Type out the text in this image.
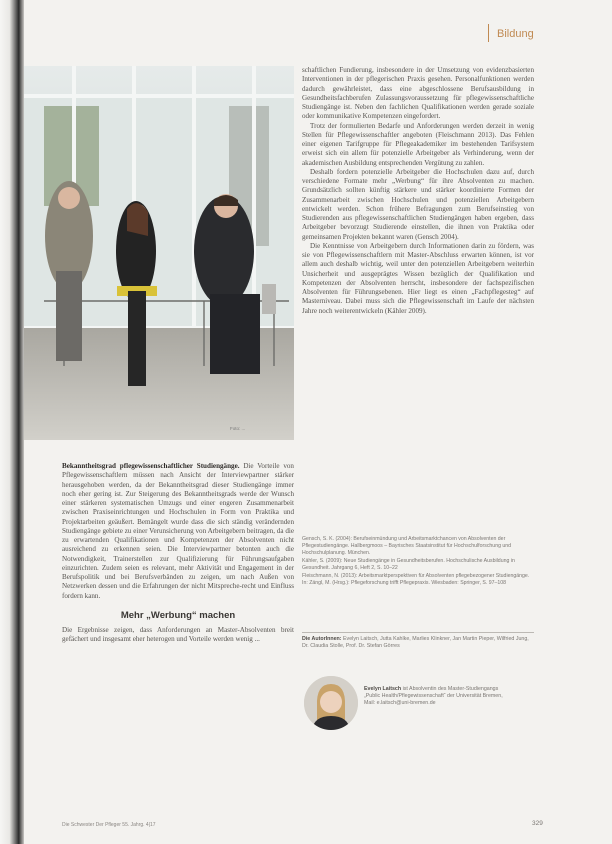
Bildung
Foto: ...

Bekanntheitsgrad pflegewissenschaftlicher Studiengänge. Die Vorteile von Pflegewissenschaftlern müssen nach Ansicht der Interviewpartner stärker herausgehoben werden, da der Bekanntheitsgrad dieser Studiengänge immer noch eher gering ist. Zur Steigerung des Bekanntheitsgrads werde der Wunsch einer stärkeren systematischen Umzugs und einer engeren Zusammenarbeit zwischen Praxiseinrichtungen und Hochschulen in Form von Praktika und Projektarbeiten geäußert. Bemängelt wurde dass die sich ständig verändernden Studiengänge gebiete zu einer Verunsicherung von Arbeitgebern beitragen, da die zu erwartenden Qualifikationen und Kompetenzen der Absolventen nicht ausreichend zu erkennen seien. Die Interviewpartner betonten auch die Notwendigkeit, Trainerstellen zur Qualifizierung für Führungsaufgaben einzurichten. Zudem seien es relevant, mehr Aktivität und Engagement in der Berufspolitik und bei Berufsverbänden zu zeigen, um nach Außen von Netzwerken dessen und die Erfahrungen der nicht Mitspreche-recht und Einfluss fordern kann.

Mehr „Werbung“ machen

Die Ergebnisse zeigen, dass Anforderungen an Master-Absolventen breit gefächert und insgesamt eher heterogen und Vorteile werden wenig ...

schaftlichen Fundierung, insbesondere in der Umsetzung von evidenzbasierten Interventionen in der pflegerischen Praxis gesehen. Personalfunktionen werden dadurch gewährleistet, dass eine abgeschlossene Berufsausbildung in Gesundheitsfachberufen Zulassungsvoraussetzung für pflegewissenschaftliche Studiengänge ist. Neben den fachlichen Qualifikationen werden gerade soziale oder kommunikative Kompetenzen eingefordert.

Trotz der formulierten Bedarfe und Anforderungen werden derzeit in wenig Stellen für Pflegewissenschaftler angeboten (Fleischmann 2013). Das Fehlen einer eigenen Tarifgruppe für Pflegeakademiker im bestehenden Tarifsystem erweist sich ein allem für potenzielle Arbeitgeber als Verhinderung, wenn der akademischen Ausbildung entsprechenden Vergütung zu zahlen.

Deshalb fordern potenzielle Arbeitgeber die Hochschulen dazu auf, durch verschiedene Formate mehr „Werbung“ für ihre Absolventen zu machen. Grundsätzlich sollten künftig stärkere und stärker koordinierte Formen der Zusammenarbeit zwischen Hochschulen und potenziellen Arbeitgebern entwickelt werden. Schon frühere Befragungen zum Berufseinstieg von Studierenden aus pflegewissenschaftlichen Studiengängen haben ergeben, dass Arbeitgeber bevorzugt Studierende einstellen, die ihnen von Praktika oder gemeinsamen Projekten bekannt waren (Gensch 2004).

Die Kenntnisse von Arbeitgebern durch Informationen darin zu fördern, was sie von Pflegewissenschaftlern mit Master-Abschluss erwarten können, ist vor allem auch deshalb wichtig, weil unter den potenziellen Arbeitgebern weiterhin Unsicherheit und ausgeprägtes Wissen bezüglich der Qualifikation und Kompetenzen der Absolventen herrscht, insbesondere der fachspezifischen Absolventen für Führungsebenen. Hier liegt es einen „Fachpflegesteg“ auf Masterniveau. Dabei muss sich die Pflegewissenschaft im Laufe der nächsten Jahre noch weiterentwickeln (Kähler 2009).

Gensch, S. K. (2004): Berufseinmündung und Arbeitsmarktchancen von Absolventen der Pflegestudiengänge. Hallbergmoos – Bayrisches Staatsinstitut für Hochschulforschung und Hochschulplanung. München.

Kähler, S. (2009): Neue Studiengänge in Gesundheitsberufen. Hochschulische Ausbildung in Gesundheit. Jahrgang 6, Heft 2, S. 10–22

Fleischmann, N. (2013): Arbeitsmarktperspektiven für Absolventen pflegebezogener Studiengänge. In: Zängl, M. (Hrsg.): Pflegeforschung trifft Pflegepraxis. Wiesbaden: Springer, S. 97–108

Die AutorInnen: Evelyn Laitsch, Jutta Kahlke, Marlies Klinkner, Jan Martin Pieper, Wilfried Jung, Dr. Claudia Stolle, Prof. Dr. Stefan Görres
Evelyn Laitsch ist Absolventin des Master-Studiengangs „Public Health/Pflegewissenschaft“ der Universität Bremen, Mail: e.laitsch@uni-bremen.de
Die Schwester Der Pfleger 55. Jahrg. 4|17	329
